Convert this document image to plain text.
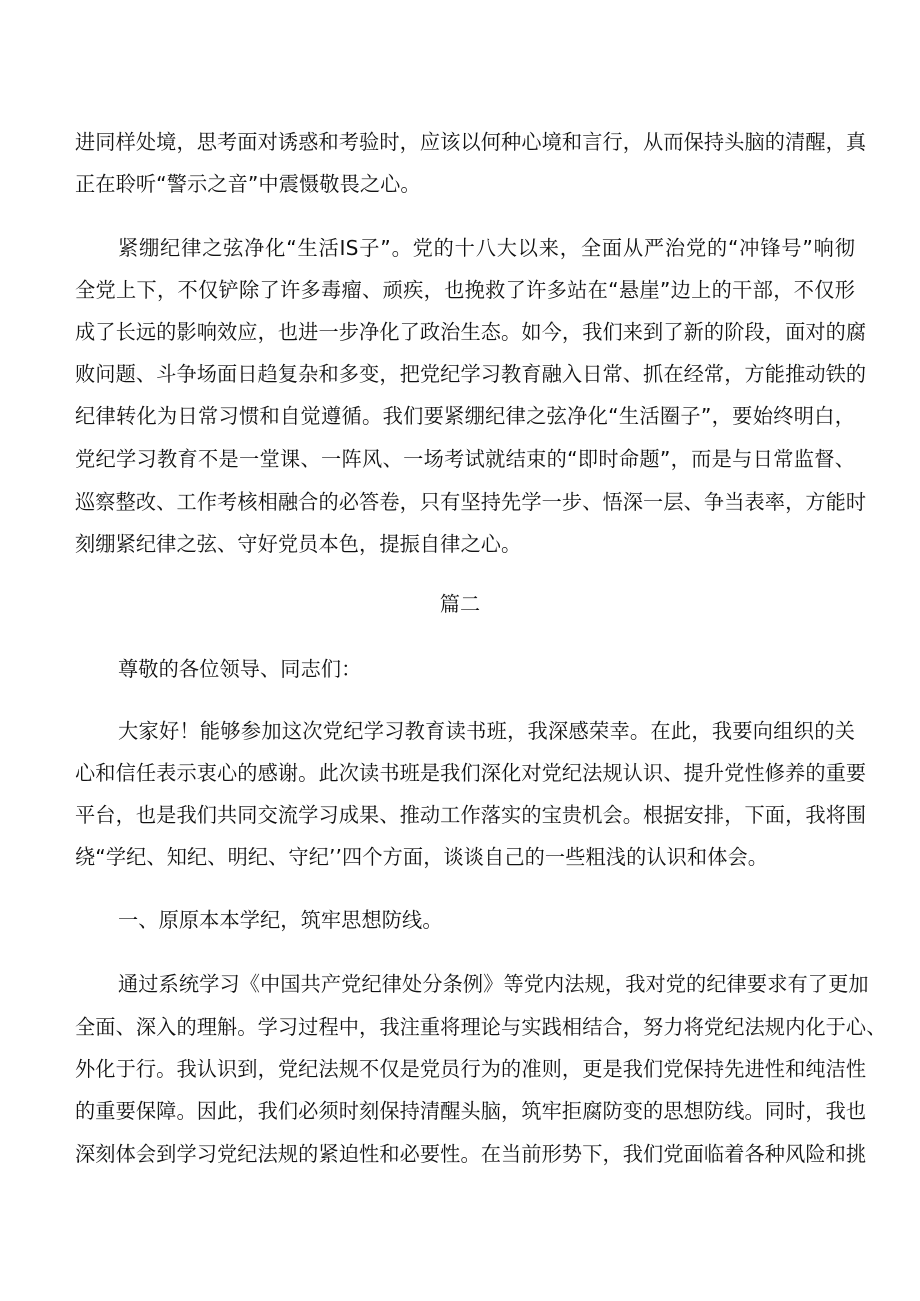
进同样处境，思考面对诱惑和考验时，应该以何种心境和言行，从而保持头脑的清醒，真
正在聆听“警示之音”中震慑敬畏之心。
紧绷纪律之弦净化“生活IS子”。党的十八大以来，全面从严治党的“冲锋号”响彻
全党上下，不仅铲除了许多毒瘤、顽疾，也挽救了许多站在“悬崖”边上的干部，不仅形
成了长远的影响效应，也进一步净化了政治生态。如今，我们来到了新的阶段，面对的腐
败问题、斗争场面日趋复杂和多变，把党纪学习教育融入日常、抓在经常，方能推动铁的
纪律转化为日常习惯和自觉遵循。我们要紧绷纪律之弦净化“生活圈子”，要始终明白，
党纪学习教育不是一堂课、一阵风、一场考试就结束的“即时命题”，而是与日常监督、
巡察整改、工作考核相融合的必答卷，只有坚持先学一步、悟深一层、争当表率，方能时
刻绷紧纪律之弦、守好党员本色，提振自律之心。
篇二
尊敬的各位领导、同志们：
大家好！能够参加这次党纪学习教育读书班，我深感荣幸。在此，我要向组织的关
心和信任表示衷心的感谢。此次读书班是我们深化对党纪法规认识、提升党性修养的重要
平台，也是我们共同交流学习成果、推动工作落实的宝贵机会。根据安排，下面，我将围
绕“学纪、知纪、明纪、守纪’’四个方面，谈谈自己的一些粗浅的认识和体会。
一、原原本本学纪，筑牢思想防线。
通过系统学习《中国共产党纪律处分条例》等党内法规，我对党的纪律要求有了更加
全面、深入的理斛。学习过程中，我注重将理论与实践相结合，努力将党纪法规内化于心、
外化于行。我认识到，党纪法规不仅是党员行为的准则，更是我们党保持先进性和纯洁性
的重要保障。因此，我们必须时刻保持清醒头脑，筑牢拒腐防变的思想防线。同时，我也
深刻体会到学习党纪法规的紧迫性和必要性。在当前形势下，我们党面临着各种风险和挑
